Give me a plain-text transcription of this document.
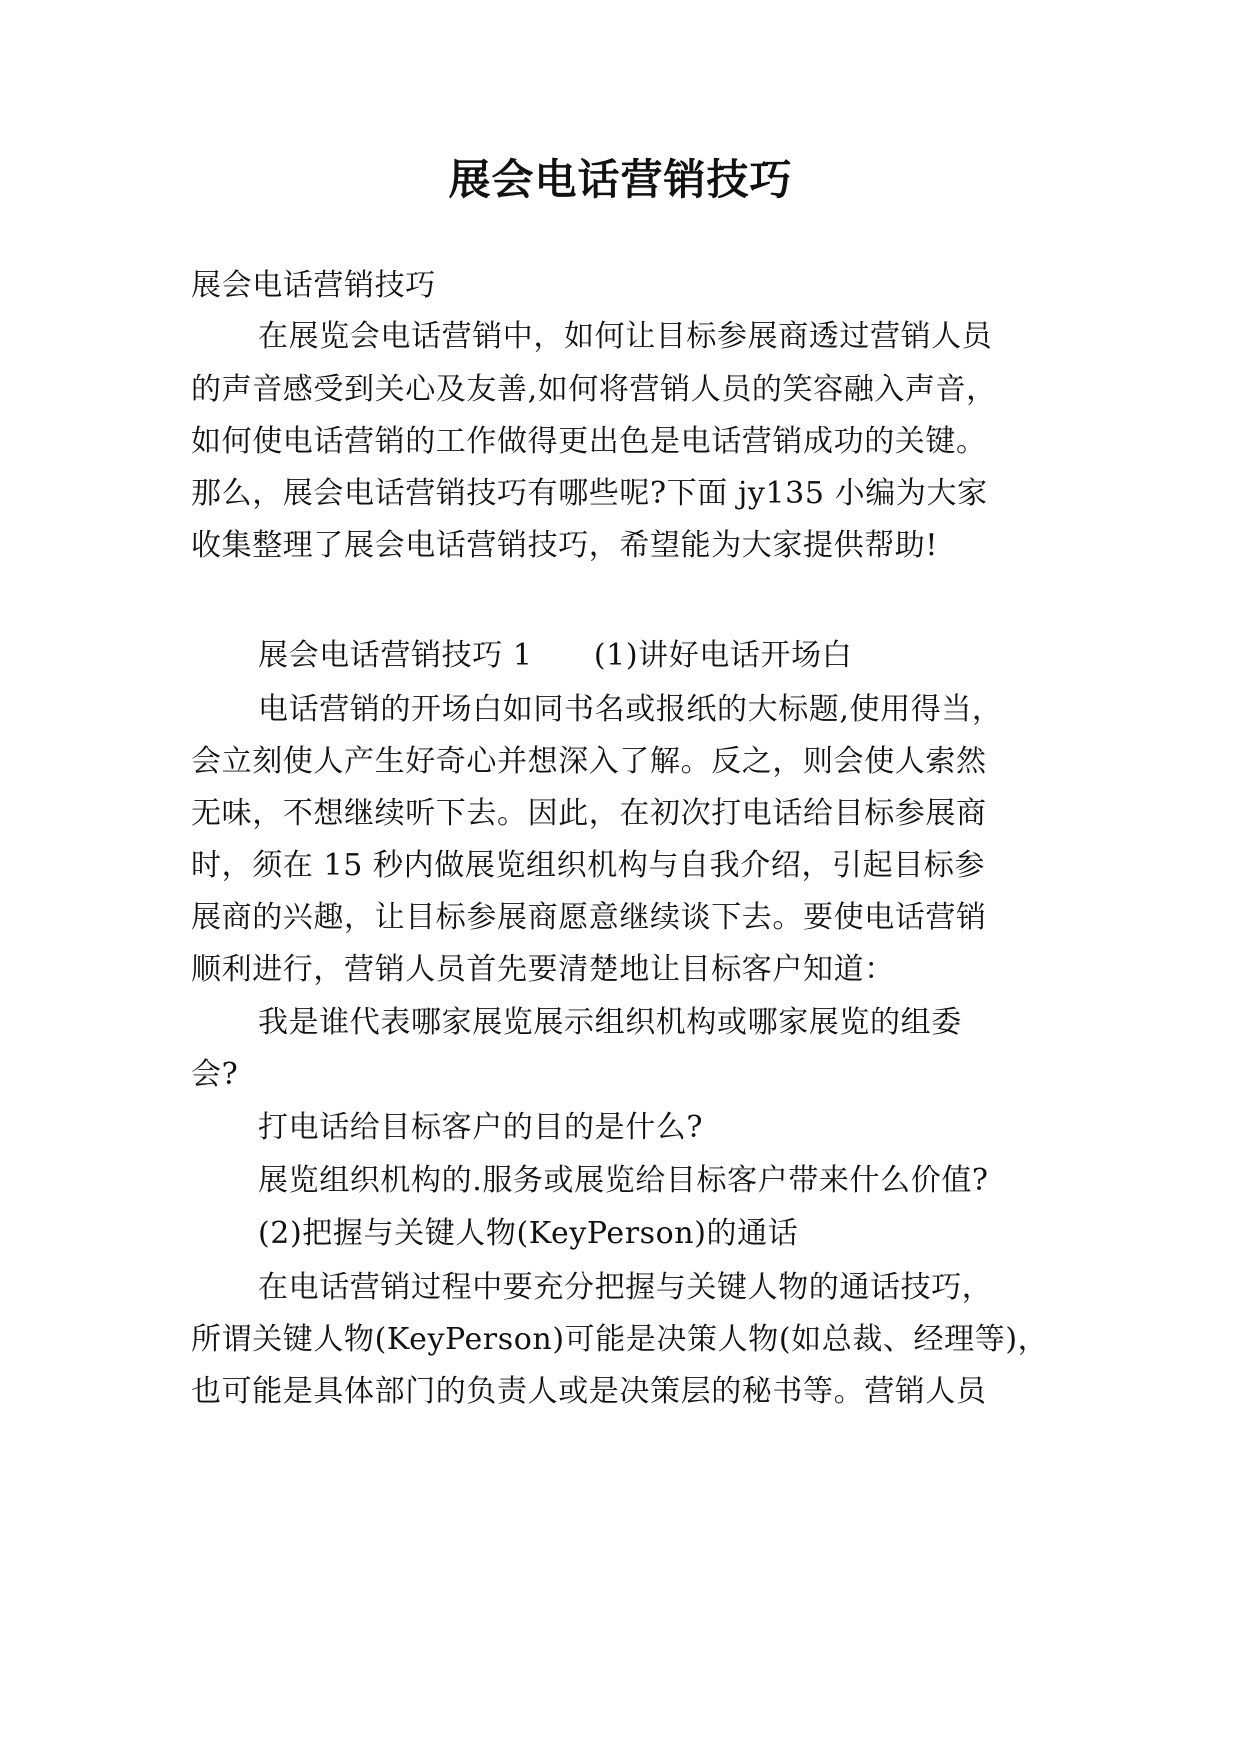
展会电话营销技巧
展会电话营销技巧
在展览会电话营销中，如何让目标参展商透过营销人员
的声音感受到关心及友善,如何将营销人员的笑容融入声音，
如何使电话营销的工作做得更出色是电话营销成功的关键。
那么，展会电话营销技巧有哪些呢?下面 jy135 小编为大家
收集整理了展会电话营销技巧，希望能为大家提供帮助!
展会电话营销技巧 1　　(1)讲好电话开场白
电话营销的开场白如同书名或报纸的大标题,使用得当，
会立刻使人产生好奇心并想深入了解。反之，则会使人索然
无味，不想继续听下去。因此，在初次打电话给目标参展商
时，须在 15 秒内做展览组织机构与自我介绍，引起目标参
展商的兴趣，让目标参展商愿意继续谈下去。要使电话营销
顺利进行，营销人员首先要清楚地让目标客户知道：
我是谁代表哪家展览展示组织机构或哪家展览的组委
会?
打电话给目标客户的目的是什么?
展览组织机构的.服务或展览给目标客户带来什么价值?
(2)把握与关键人物(KeyPerson)的通话
在电话营销过程中要充分把握与关键人物的通话技巧，
所谓关键人物(KeyPerson)可能是决策人物(如总裁、经理等)，
也可能是具体部门的负责人或是决策层的秘书等。营销人员
